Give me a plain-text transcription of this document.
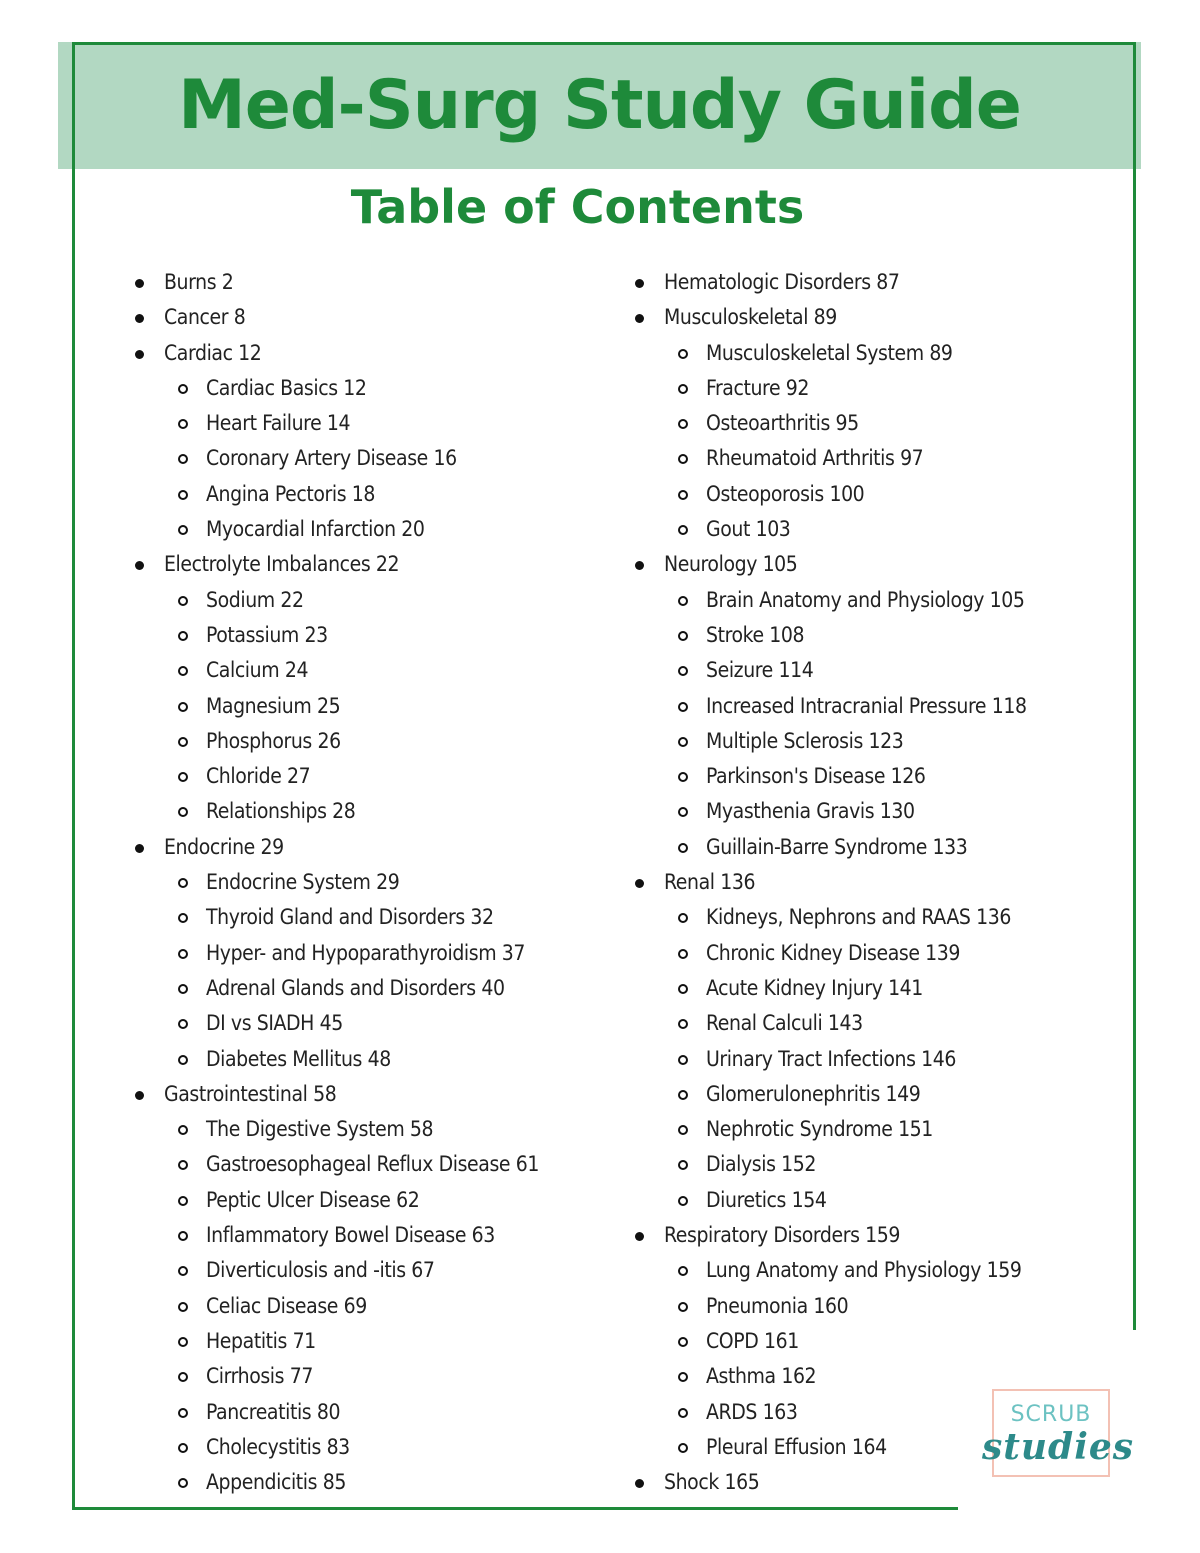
Med-Surg Study Guide
Table of Contents
Burns 2
Cancer 8
Cardiac 12
Cardiac Basics 12
Heart Failure 14
Coronary Artery Disease 16
Angina Pectoris 18
Myocardial Infarction 20
Electrolyte Imbalances 22
Sodium 22
Potassium 23
Calcium 24
Magnesium 25
Phosphorus 26
Chloride 27
Relationships 28
Endocrine 29
Endocrine System 29
Thyroid Gland and Disorders 32
Hyper- and Hypoparathyroidism 37
Adrenal Glands and Disorders 40
DI vs SIADH 45
Diabetes Mellitus 48
Gastrointestinal 58
The Digestive System 58
Gastroesophageal Reflux Disease 61
Peptic Ulcer Disease 62
Inflammatory Bowel Disease 63
Diverticulosis and -itis 67
Celiac Disease 69
Hepatitis 71
Cirrhosis 77
Pancreatitis 80
Cholecystitis 83
Appendicitis 85
Hematologic Disorders 87
Musculoskeletal 89
Musculoskeletal System 89
Fracture 92
Osteoarthritis 95
Rheumatoid Arthritis 97
Osteoporosis 100
Gout 103
Neurology 105
Brain Anatomy and Physiology 105
Stroke 108
Seizure 114
Increased Intracranial Pressure 118
Multiple Sclerosis 123
Parkinson's Disease 126
Myasthenia Gravis 130
Guillain-Barre Syndrome 133
Renal 136
Kidneys, Nephrons and RAAS 136
Chronic Kidney Disease 139
Acute Kidney Injury 141
Renal Calculi 143
Urinary Tract Infections 146
Glomerulonephritis 149
Nephrotic Syndrome 151
Dialysis 152
Diuretics 154
Respiratory Disorders 159
Lung Anatomy and Physiology 159
Pneumonia 160
COPD 161
Asthma 162
ARDS 163
Pleural Effusion 164
Shock 165
SCRUB
studies
